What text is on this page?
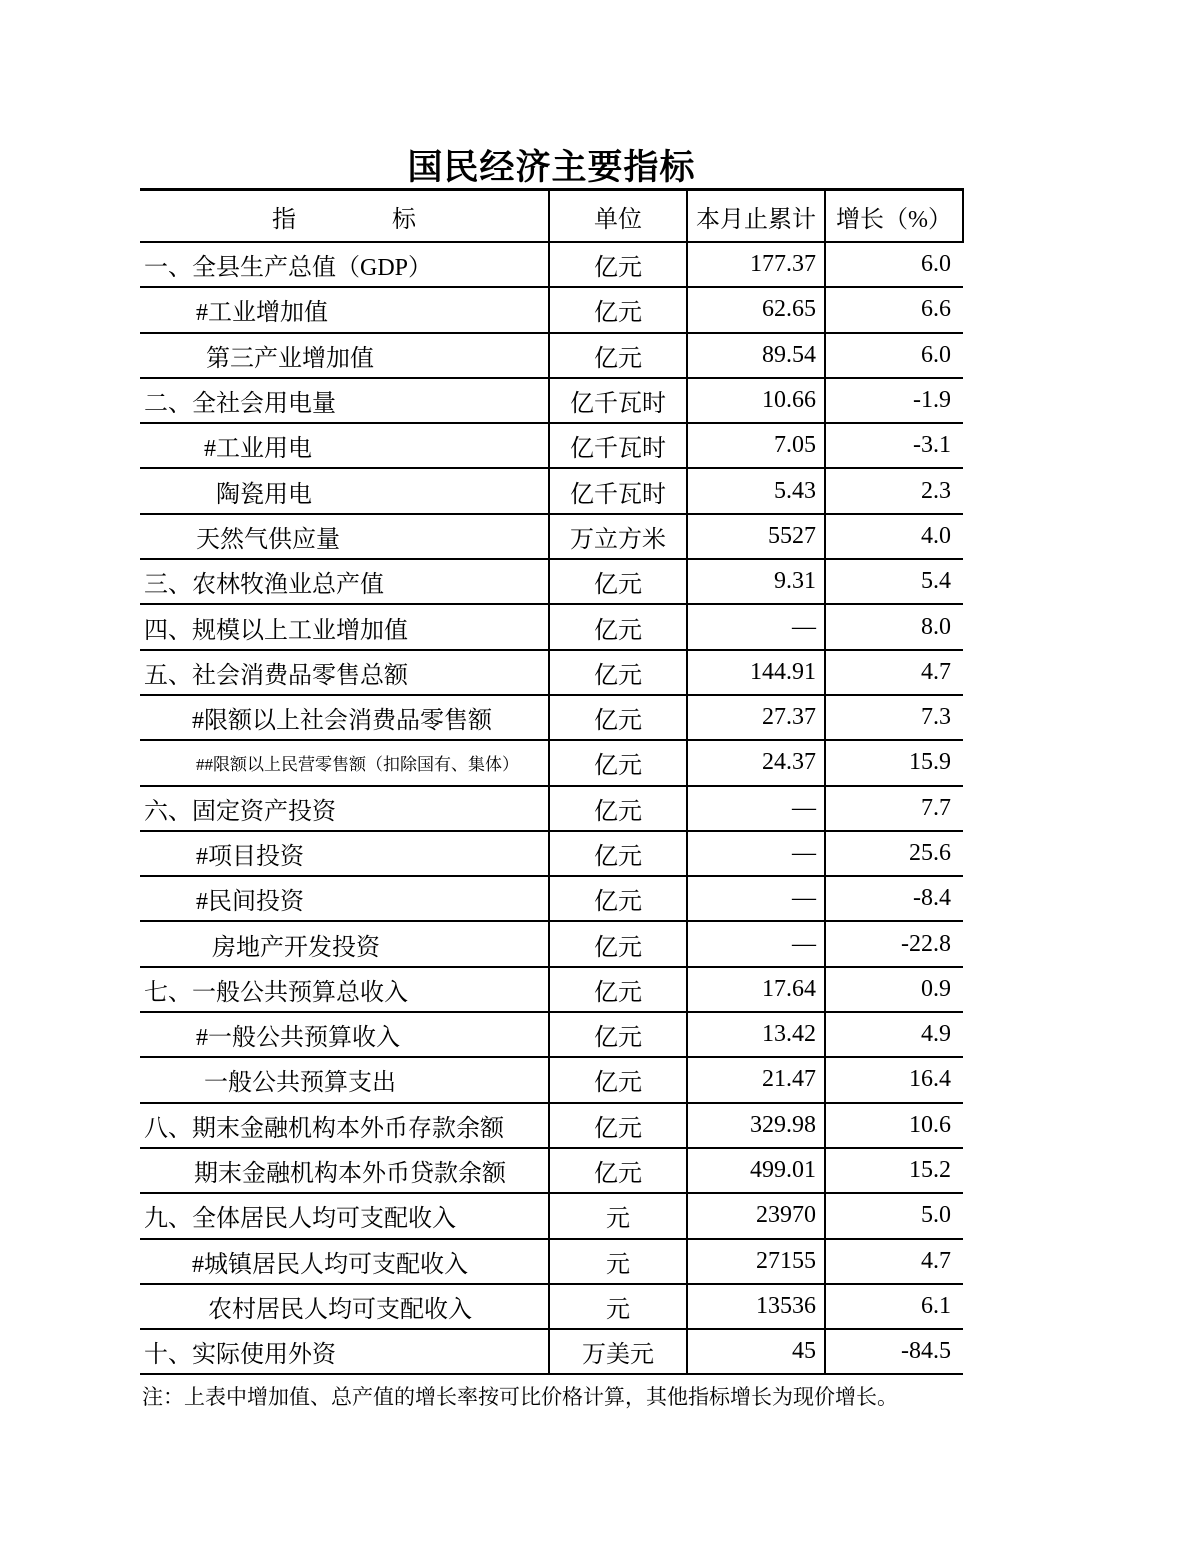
国民经济主要指标
指　　　　标	单位	本月止累计	增长（%）
一、全县生产总值（GDP）	亿元	177.37	6.0
#工业增加值	亿元	62.65	6.6
第三产业增加值	亿元	89.54	6.0
二、全社会用电量	亿千瓦时	10.66	-1.9
#工业用电	亿千瓦时	7.05	-3.1
陶瓷用电	亿千瓦时	5.43	2.3
天然气供应量	万立方米	5527	4.0
三、农林牧渔业总产值	亿元	9.31	5.4
四、规模以上工业增加值	亿元	—	8.0
五、社会消费品零售总额	亿元	144.91	4.7
#限额以上社会消费品零售额	亿元	27.37	7.3
##限额以上民营零售额（扣除国有、集体）	亿元	24.37	15.9
六、固定资产投资	亿元	—	7.7
#项目投资	亿元	—	25.6
#民间投资	亿元	—	-8.4
房地产开发投资	亿元	—	-22.8
七、一般公共预算总收入	亿元	17.64	0.9
#一般公共预算收入	亿元	13.42	4.9
一般公共预算支出	亿元	21.47	16.4
八、期末金融机构本外币存款余额	亿元	329.98	10.6
期末金融机构本外币贷款余额	亿元	499.01	15.2
九、全体居民人均可支配收入	元	23970	5.0
#城镇居民人均可支配收入	元	27155	4.7
农村居民人均可支配收入	元	13536	6.1
十、实际使用外资	万美元	45	-84.5
注：上表中增加值、总产值的增长率按可比价格计算，其他指标增长为现价增长。
